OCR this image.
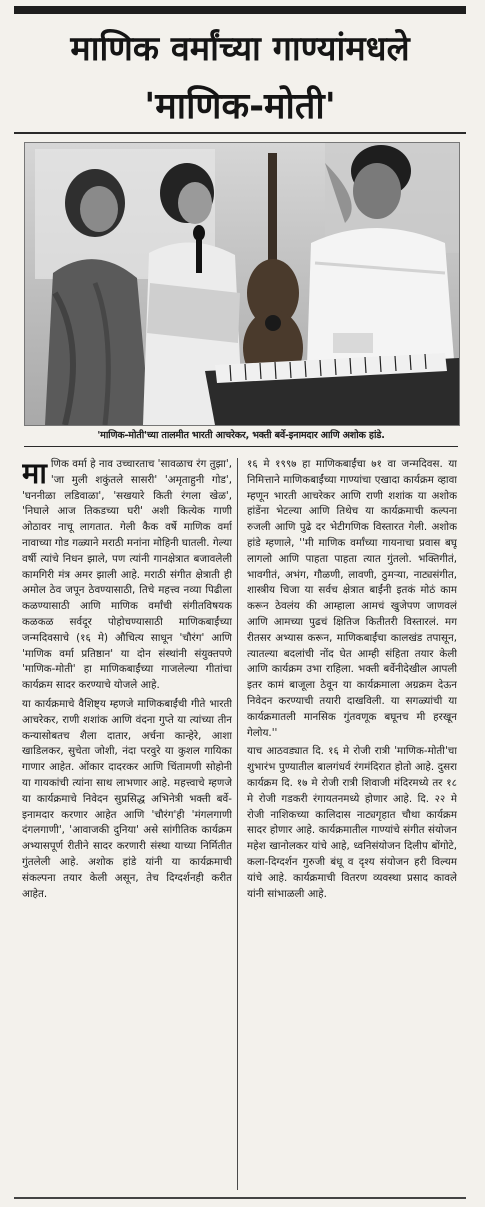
माणिक वर्मांच्या गाण्यांमधले
'माणिक-मोती'
'माणिक-मोती'च्या तालमीत भारती आचरेकर, भक्ती बर्वे-इनामदार आणि अशोक हांडे.
मा णिक वर्मा हे नाव उच्चारताच 'सावळाच रंग तुझा', 'जा मुली शकुंतले सासरी' 'अमृताहुनी गोड', 'घननीळा लडिवाळा', 'सखयारे किती रंगला खेळ', 'निघाले आज तिकडच्या घरी' अशी कित्येक गाणी ओठावर नाचू लागतात. गेली कैक वर्षे माणिक वर्मा नावाच्या गोड गळ्याने मराठी मनांना मोहिनी घातली. गेल्या वर्षी त्यांचे निधन झाले, पण त्यांनी गानक्षेत्रात बजावलेली कामगिरी मंत्र अमर झाली आहे. मराठी संगीत क्षेत्राती ही अमोल ठेव जपून ठेवण्यासाठी, तिचे महत्त्व नव्या पिढीला कळण्यासाठी आणि माणिक वर्मांची संगीतविषयक कळकळ सर्वदूर पोहोचण्यासाठी माणिकबाईंच्या जन्मदिवसाचे (१६ मे) औचित्य साधून 'चौरंग' आणि 'माणिक वर्मा प्रतिष्ठान' या दोन संस्थांनी संयुक्तपणे 'माणिक-मोती' हा माणिकबाईंच्या गाजलेल्या गीतांचा कार्यक्रम सादर करण्याचे योजले आहे.

या कार्यक्रमाचे वैशिष्ट्य म्हणजे माणिकबाईंची गीते भारती आचरेकर, राणी शशांक आणि वंदना गुप्ते या त्यांच्या तीन कन्यासोबतच शैला दातार, अर्चना कान्हेरे, आशा खाडिलकर, सुचेता जोशी, नंदा परवुरे या कुशल गायिका गाणार आहेत. ओंकार दादरकर आणि चिंतामणी सोहोनी या गायकांची त्यांना साथ लाभणार आहे. महत्त्वाचे म्हणजे या कार्यक्रमाचे निवेदन सुप्रसिद्ध अभिनेत्री भक्ती बर्वे-इनामदार करणार आहेत आणि 'चौरंग'ही 'मंगलगाणी दंगलगाणी', 'आवाजकी दुनिया' असे सांगीतिक कार्यक्रम अभ्यासपूर्ण रीतीने सादर करणारी संस्था याच्या निर्मितीत गुंतलेली आहे. अशोक हांडे यांनी या कार्यक्रमाची संकल्पना तयार केली असून, तेच दिग्दर्शनही करीत आहेत.

१६ मे १९९७ हा माणिकबाईंचा ७१ वा जन्मदिवस. या निमित्ताने माणिकबाईंच्या गाण्यांचा एखादा कार्यक्रम व्हावा म्हणून भारती आचरेकर आणि राणी शशांक या अशोक हांडेंना भेटल्या आणि तिथेच या कार्यक्रमाची कल्पना रुजली आणि पुढे दर भेटीगणिक विस्तारत गेली. अशोक हांडे म्हणाले, ''मी माणिक वर्मांच्या गायनाचा प्रवास बघू लागलो आणि पाहता पाहता त्यात गुंतलो. भक्तिगीतं, भावगीतं, अभंग, गौळणी, लावणी, ठुमऱ्या, नाट्यसंगीत, शास्त्रीय चिजा या सर्वच क्षेत्रात बाईंनी इतकं मोठं काम करून ठेवलंय की आम्हाला आमचं खुजेपण जाणवलं आणि आमच्या पुढचं क्षितिज कितीतरी विस्तारलं. मग रीतसर अभ्यास करून, माणिकबाईंचा कालखंड तपासून, त्यातल्या बदलांची नोंद घेत आम्ही संहिता तयार केली आणि कार्यक्रम उभा राहिला. भक्ती बर्वेनीदेखील आपली इतर कामं बाजूला ठेवून या कार्यक्रमाला अग्रक्रम देऊन निवेदन करण्याची तयारी दाखविली. या सगळ्यांची या कार्यक्रमातली मानसिक गुंतवणूक बघूनच मी हरखून गेलोय.''

याच आठवड्यात दि. १६ मे रोजी रात्री 'माणिक-मोती'चा शुभारंभ पुण्यातील बालगंधर्व रंगमंदिरात होतो आहे. दुसरा कार्यक्रम दि. १७ मे रोजी रात्री शिवाजी मंदिरमध्ये तर १८ मे रोजी गडकरी रंगायतनमध्ये होणार आहे. दि. २२ मे रोजी नाशिकच्या कालिदास नाट्यगृहात चौथा कार्यक्रम सादर होणार आहे. कार्यक्रमातील गाण्यांचे संगीत संयोजन महेश खानोलकर यांचे आहे, ध्वनिसंयोजन दिलीप बोंगोटे, कला-दिग्दर्शन गुरुजी बंधू व दृश्य संयोजन हरी विल्यम यांचे आहे. कार्यक्रमाची वितरण व्यवस्था प्रसाद कावले यांनी सांभाळली आहे.
